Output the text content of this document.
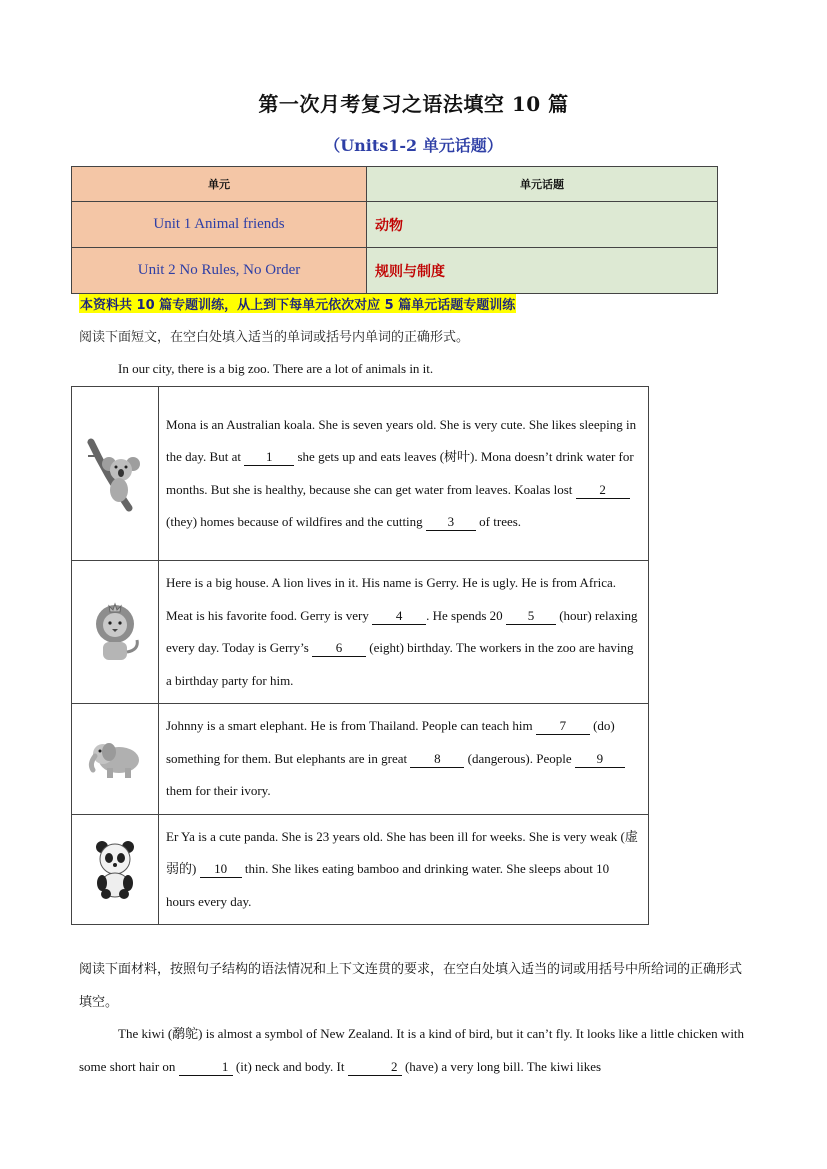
第一次月考复习之语法填空 10 篇
（Units1-2 单元话题）
单元	单元话题
Unit 1 Animal friends	动物
Unit 2 No Rules, No Order	规则与制度
本资料共 10 篇专题训练，从上到下每单元依次对应 5 篇单元话题专题训练
阅读下面短文，在空白处填入适当的单词或括号内单词的正确形式。
In our city, there is a big zoo. There are a lot of animals in it.
	Mona is an Australian koala. She is seven years old. She is very cute. She likes sleeping in the day. But at 1 she gets up and eats leaves (树叶). Mona doesn’t drink water for months. But she is healthy, because she can get water from leaves. Koalas lost 2 (they) homes because of wildfires and the cutting 3 of trees.

	Here is a big house. A lion lives in it. His name is Gerry. He is ugly. He is from Africa. Meat is his favorite food. Gerry is very 4 . He spends 20 5 (hour) relaxing every day. Today is Gerry’s 6 (eight) birthday. The workers in the zoo are having a birthday party for him.

	Johnny is a smart elephant. He is from Thailand. People can teach him 7 (do) something for them. But elephants are in great 8 (dangerous). People 9 them for their ivory.

	Er Ya is a cute panda. She is 23 years old. She has been ill for weeks. She is very weak (虚弱的) 10 thin. She likes eating bamboo and drinking water. She sleeps about 10 hours every day.
阅读下面材料，按照句子结构的语法情况和上下文连贯的要求，在空白处填入适当的词或用括号中所给词的正确形式填空。
The kiwi (鹬鸵) is almost a symbol of New Zealand. It is a kind of bird, but it can’t fly. It looks like a little chicken with some short hair on	1 (it) neck and body. It	2 (have) a very long bill. The kiwi likes
